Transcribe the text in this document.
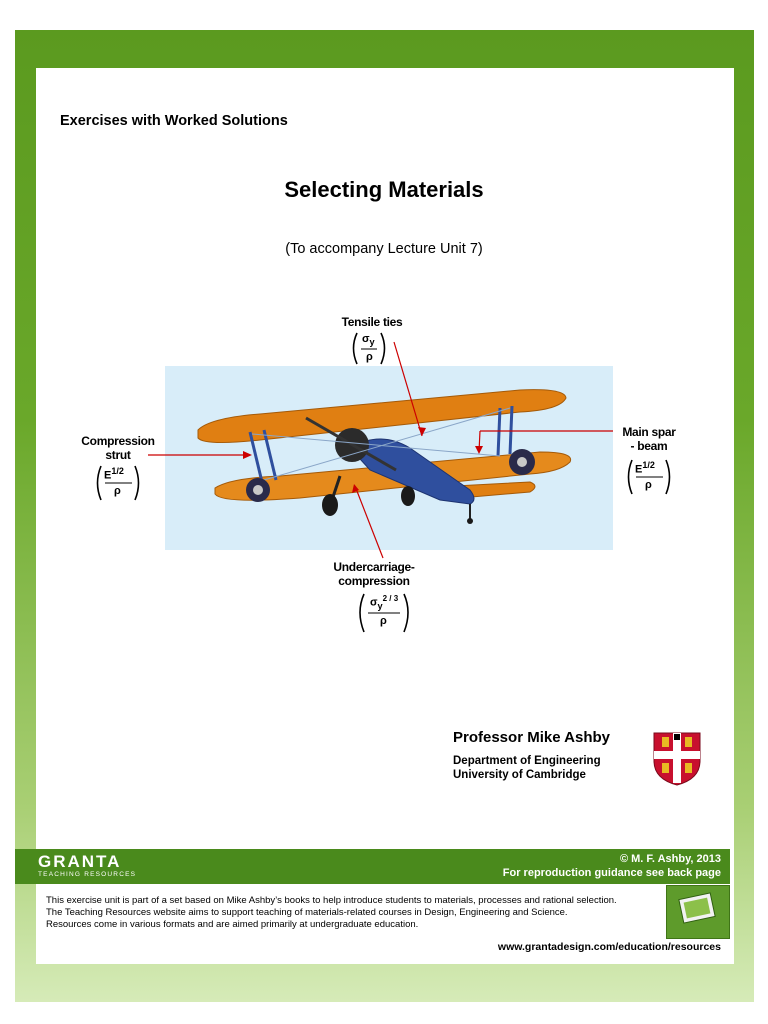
Exercises with Worked Solutions
Selecting Materials
(To accompany Lecture Unit 7)
Tensile ties
$\sigma_y$
ρ
Compression
strut
$E^{1/2}$
ρ
Main spar
- beam
$E^{1/2}$
ρ
Undercarriage-
compression
$\sigma_y^{2 / 3}$
ρ
Professor Mike Ashby
Department of Engineering
University of Cambridge
GRANTA
TEACHING RESOURCES
© M. F. Ashby, 2013
For reproduction guidance see back page
This exercise unit is part of a set based on Mike Ashby’s books to help introduce students to materials, processes and rational selection.
The Teaching Resources website aims to support teaching of materials-related courses in Design, Engineering and Science.
Resources come in various formats and are aimed primarily at undergraduate education.
www.grantadesign.com/education/resources
